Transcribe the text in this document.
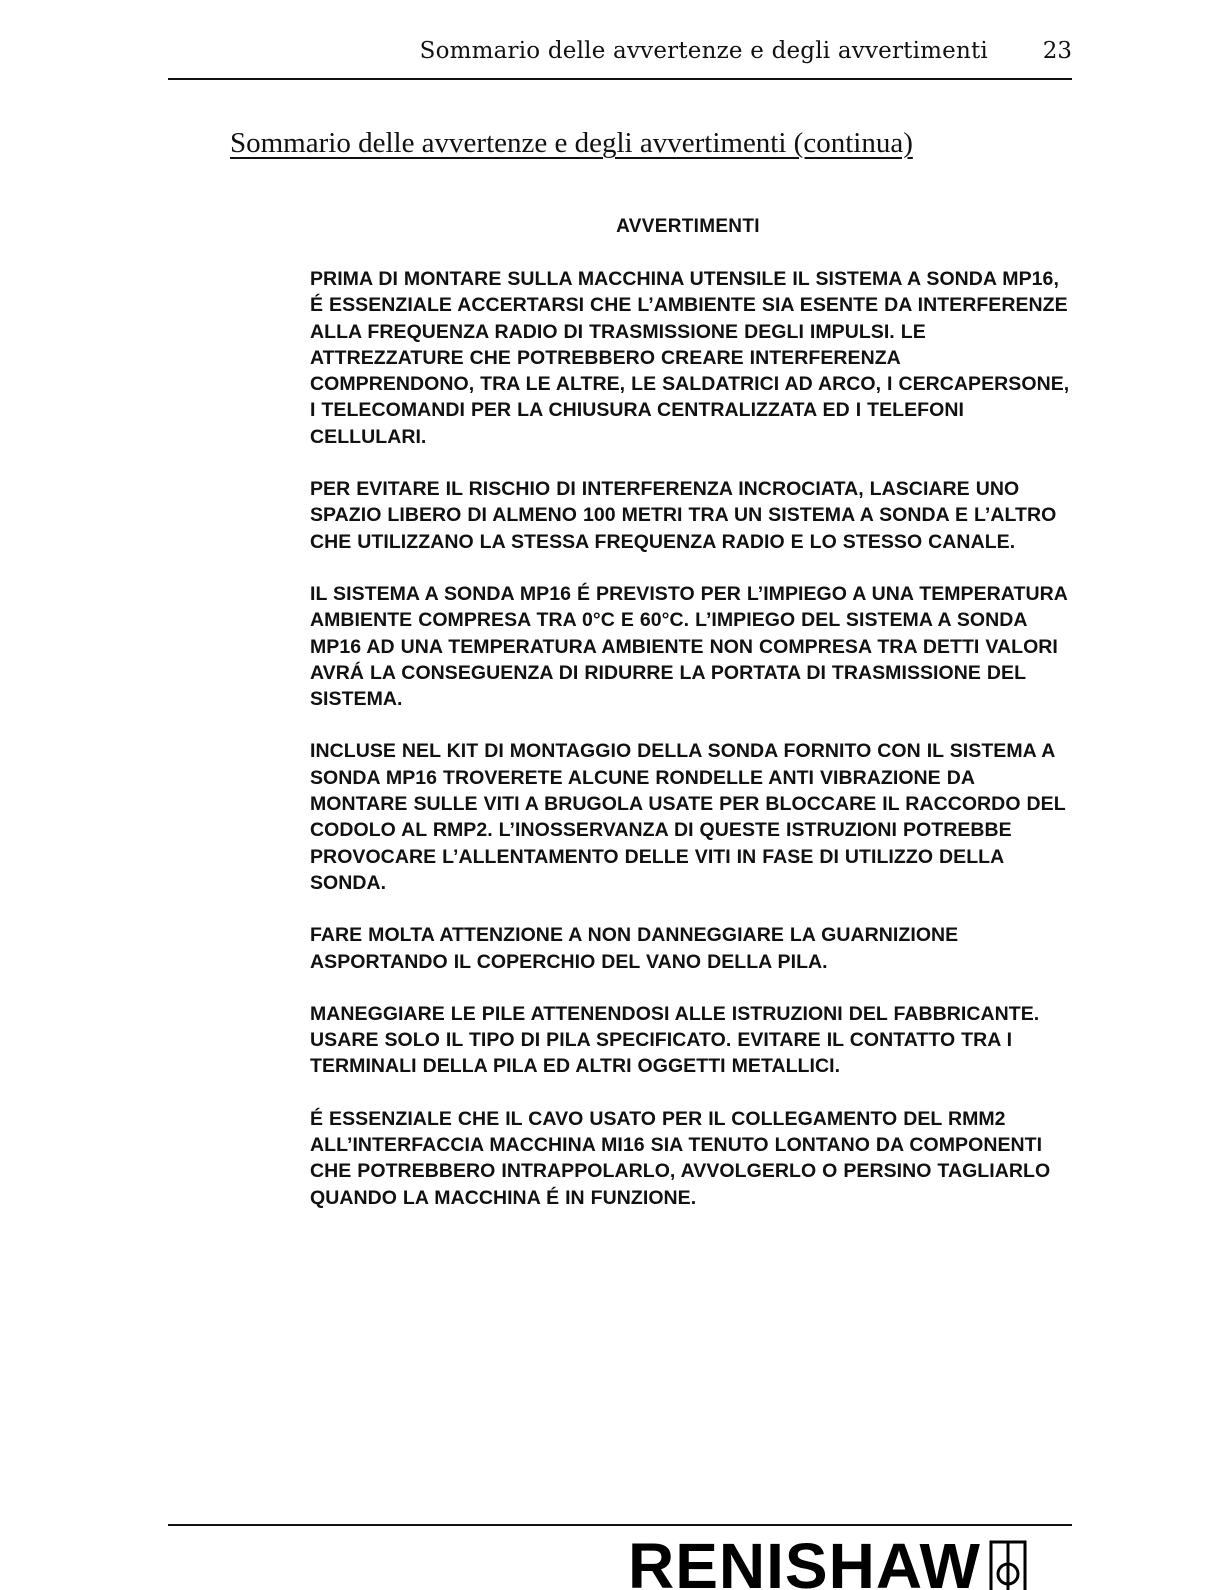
Sommario delle avvertenze e degli avvertimenti 23
Sommario delle avvertenze e degli avvertimenti (continua)
AVVERTIMENTI

PRIMA DI MONTARE SULLA MACCHINA UTENSILE IL SISTEMA A SONDA MP16, É ESSENZIALE ACCERTARSI CHE L’AMBIENTE SIA ESENTE DA INTERFERENZE ALLA FREQUENZA RADIO DI TRASMISSIONE DEGLI IMPULSI. LE ATTREZZATURE CHE POTREBBERO CREARE INTERFERENZA COMPRENDONO, TRA LE ALTRE, LE SALDATRICI AD ARCO, I CERCAPERSONE, I TELECOMANDI PER LA CHIUSURA CENTRALIZZATA ED I TELEFONI CELLULARI.

PER EVITARE IL RISCHIO DI INTERFERENZA INCROCIATA, LASCIARE UNO SPAZIO LIBERO DI ALMENO 100 METRI TRA UN SISTEMA A SONDA E L’ALTRO CHE UTILIZZANO LA STESSA FREQUENZA RADIO E LO STESSO CANALE.

IL SISTEMA A SONDA MP16 É PREVISTO PER L’IMPIEGO A UNA TEMPERATURA AMBIENTE COMPRESA TRA 0°C E 60°C. L’IMPIEGO DEL SISTEMA A SONDA MP16 AD UNA TEMPERATURA AMBIENTE NON COMPRESA TRA DETTI VALORI AVRÁ LA CONSEGUENZA DI RIDURRE LA PORTATA DI TRASMISSIONE DEL SISTEMA.

INCLUSE NEL KIT DI MONTAGGIO DELLA SONDA FORNITO CON IL SISTEMA A SONDA MP16 TROVERETE ALCUNE RONDELLE ANTI VIBRAZIONE DA MONTARE SULLE VITI A BRUGOLA USATE PER BLOCCARE IL RACCORDO DEL CODOLO AL RMP2. L’INOSSERVANZA DI QUESTE ISTRUZIONI POTREBBE PROVOCARE L’ALLENTAMENTO DELLE VITI IN FASE DI UTILIZZO DELLA SONDA.

FARE MOLTA ATTENZIONE A NON DANNEGGIARE LA GUARNIZIONE ASPORTANDO IL COPERCHIO DEL VANO DELLA PILA.

MANEGGIARE LE PILE ATTENENDOSI ALLE ISTRUZIONI DEL FABBRICANTE. USARE SOLO IL TIPO DI PILA SPECIFICATO. EVITARE IL CONTATTO TRA I TERMINALI DELLA PILA ED ALTRI OGGETTI METALLICI.

É ESSENZIALE CHE IL CAVO USATO PER IL COLLEGAMENTO DEL RMM2 ALL’INTERFACCIA MACCHINA MI16 SIA TENUTO LONTANO DA COMPONENTI CHE POTREBBERO INTRAPPOLARLO, AVVOLGERLO O PERSINO TAGLIARLO QUANDO LA MACCHINA É IN FUNZIONE.

RENISHAW
